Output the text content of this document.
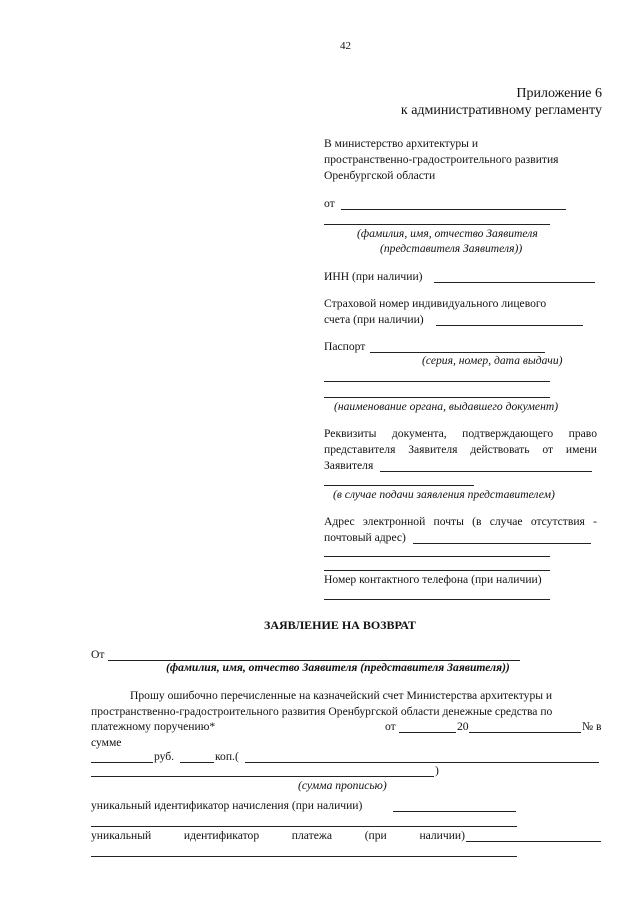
42
Приложение 6
к административному регламенту
В министерство архитектуры и
пространственно-градостроительного развития
Оренбургской области
от
(фамилия, имя, отчество Заявителя
(представителя Заявителя))
ИНН (при наличии)
Страховой номер индивидуального лицевого
счета (при наличии)
Паспорт
(серия, номер, дата выдачи)
(наименование органа, выдавшего документ)
Реквизиты документа, подтверждающего право
представителя Заявителя действовать от имени
Заявителя
(в случае подачи заявления представителем)
Адрес электронной почты (в случае отсутствия -
почтовый адрес)
Номер контактного телефона (при наличии)
ЗАЯВЛЕНИЕ НА ВОЗВРАТ
От
(фамилия, имя, отчество Заявителя (представителя Заявителя))
Прошу ошибочно перечисленные на казначейский счет Министерства архитектуры и
пространственно-градостроительного развития Оренбургской области денежные средства по
платежному поручению*	от	20	№ в
сумме
руб.	коп.(
)
(сумма прописью)
уникальный идентификатор начисления (при наличии)
уникальный	идентификатор	платежа	(при	наличии)
